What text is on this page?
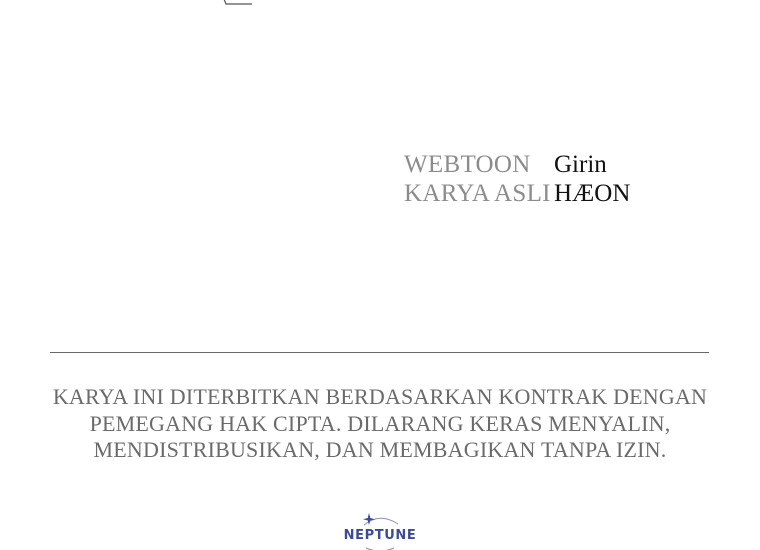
WEBTOON Girin
KARYA ASLI HÆON
KARYA INI DITERBITKAN BERDASARKAN KONTRAK DENGAN
PEMEGANG HAK CIPTA. DILARANG KERAS MENYALIN,
MENDISTRIBUSIKAN, DAN MEMBAGIKAN TANPA IZIN.
NEPTUNE
